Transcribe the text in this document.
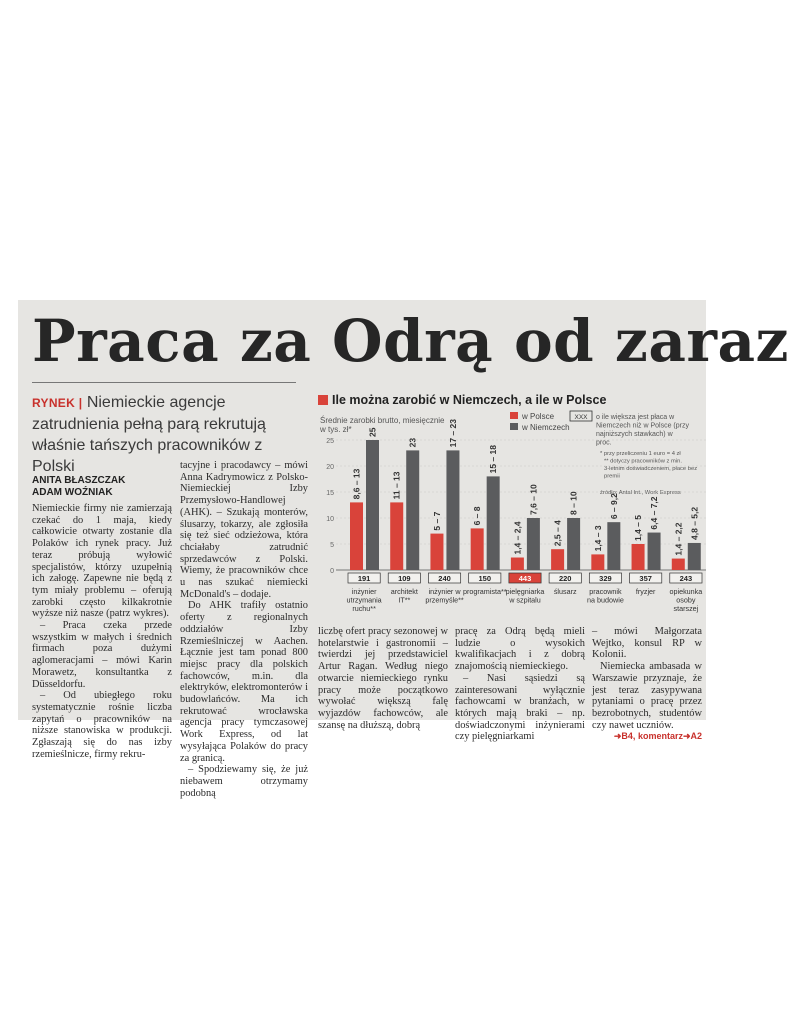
Praca za Odrą od zaraz
RYNEK | Niemieckie agencje zatrudnienia pełną parą rekrutują właśnie tańszych pracowników z Polski
ANITA BŁASZCZAK
ADAM WOŹNIAK

Niemieckie firmy nie zamierzają czekać do 1 maja, kiedy całkowicie otwarty zostanie dla Polaków ich rynek pracy. Już teraz próbują wyłowić specjalistów, którzy uzupełnią ich załogę. Zapewne nie będą z tym miały problemu – oferują zarobki często kilkakrotnie wyższe niż nasze (patrz wykres).

– Praca czeka przede wszystkim w małych i średnich firmach poza dużymi aglomeracjami – mówi Karin Morawetz, konsultantka z Düsseldorfu.

– Od ubiegłego roku systematycznie rośnie liczba zapytań o pracowników na niższe stanowiska w produkcji. Zgłaszają się do nas izby rzemieślnicze, firmy rekru-

tacyjne i pracodawcy – mówi Anna Kadrymowicz z Polsko-Niemieckiej Izby Przemysłowo-Handlowej (AHK). – Szukają monterów, ślusarzy, tokarzy, ale zgłosiła się też sieć odzieżowa, która chciałaby zatrudnić sprzedawców z Polski. Wiemy, że pracowników chce u nas szukać niemiecki McDonald's – dodaje.

Do AHK trafiły ostatnio oferty z regionalnych oddziałów Izby Rzemieślniczej w Aachen. Łącznie jest tam ponad 800 miejsc pracy dla polskich fachowców, m.in. dla elektryków, elektromonterów i budowlańców. Ma ich rekrutować wrocławska agencja pracy tymczasowej Work Express, od lat wysyłająca Polaków do pracy za granicą.

– Spodziewamy się, że już niebawem otrzymamy podobną

liczbę ofert pracy sezonowej w hotelarstwie i gastronomii – twierdzi jej przedstawiciel Artur Ragan. Według niego otwarcie niemieckiego rynku pracy może początkowo wywołać większą falę wyjazdów fachowców, ale szansę na dłuższą, dobrą

pracę za Odrą będą mieli ludzie o wysokich kwalifikacjach i z dobrą znajomością niemieckiego.

– Nasi sąsiedzi są zainteresowani wyłącznie fachowcami w branżach, w których mają braki – np. doświadczonymi inżynierami czy pielęgniarkami

– mówi Małgorzata Wejtko, konsul RP w Kolonii.

Niemiecka ambasada w Warszawie przyznaje, że jest teraz zasypywana pytaniami o pracę przez bezrobotnych, studentów czy nawet uczniów.

➜B4, komentarz➜A2
Ile można zarobić w Niemczech, a ile w Polsce
Średnie zarobki brutto, miesięcznie w tys. zł*
w Polsce
w Niemczech
XXX o ile większa jest płaca w Niemczech niż w Polsce (przy najniższych stawkach) w proc.
* przy przeliczeniu 1 euro = 4 zł ** dotyczy pracowników z min. 3-letnim doświadczeniem, płace bez premii
źródło: Antal Int., Work Express
0
5
10
15
20
25
8,6 – 13
25
11 – 13
23
5 – 7
17 – 23
6 – 8
15 – 18
1,4 – 2,4
7,6 – 10
2,5 – 4
8 – 10
1,4 – 3
6 – 9,2
1,4 – 5 6,4 – 7,2
1,4 – 2,2 4,8 – 5,2
191	109	240	150	443	220	329	357	243
inżynier utrzymania ruchu**
architekt IT**
inżynier w przemyśle**
programista** pielęgniarka w szpitalu
ślusarz	pracownik na budowie
fryzjer opiekunka osoby starszej
